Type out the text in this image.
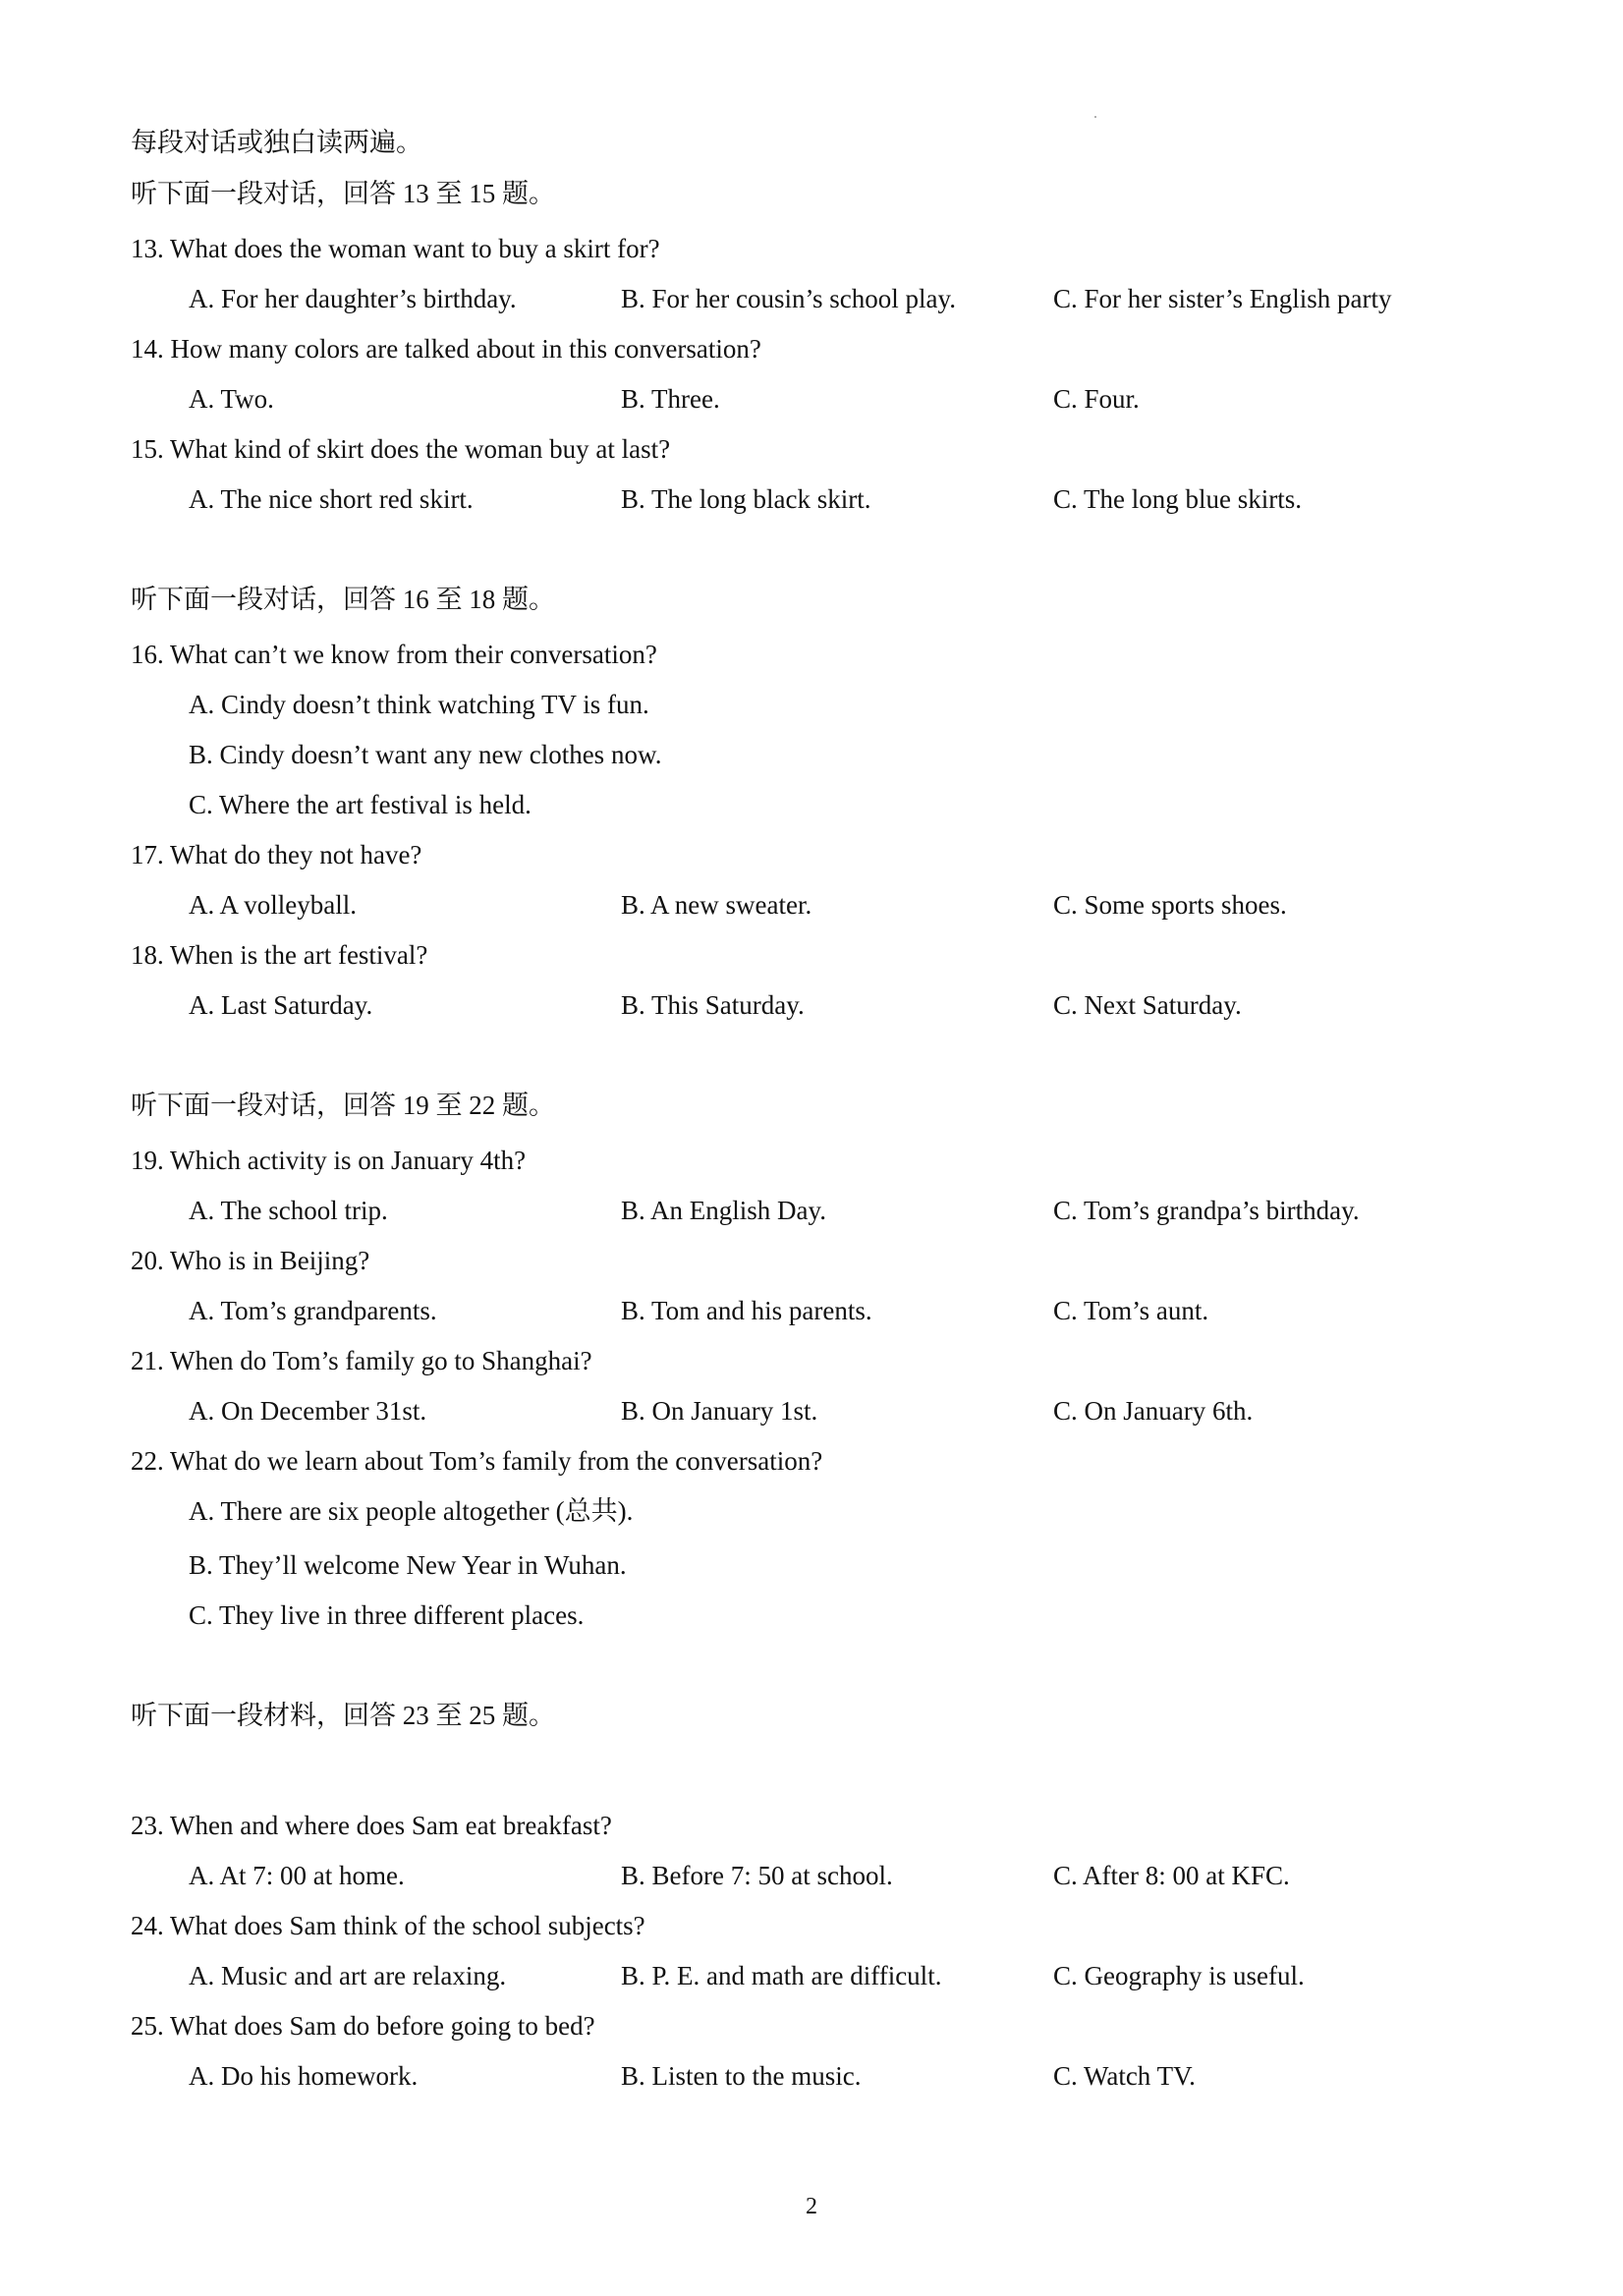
每段对话或独白读两遍。
听下面一段对话，回答 13 至 15 题。
13. What does the woman want to buy a skirt for?
A. For her daughter’s birthday.	B. For her cousin’s school play.	C. For her sister’s English party
14. How many colors are talked about in this conversation?
A. Two.	B. Three.	C. Four.
15. What kind of skirt does the woman buy at last?
A. The nice short red skirt.	B. The long black skirt.	C. The long blue skirts.
听下面一段对话，回答 16 至 18 题。
16. What can’t we know from their conversation?
A. Cindy doesn’t think watching TV is fun.
B. Cindy doesn’t want any new clothes now.
C. Where the art festival is held.
17. What do they not have?
A. A volleyball.	B. A new sweater.	C. Some sports shoes.
18. When is the art festival?
A. Last Saturday.	B. This Saturday.	C. Next Saturday.
听下面一段对话，回答 19 至 22 题。
19. Which activity is on January 4th?
A. The school trip.	B. An English Day.	C. Tom’s grandpa’s birthday.
20. Who is in Beijing?
A. Tom’s grandparents.	B. Tom and his parents.	C. Tom’s aunt.
21. When do Tom’s family go to Shanghai?
A. On December 31st.	B. On January 1st.	C. On January 6th.
22. What do we learn about Tom’s family from the conversation?
A. There are six people altogether (总共).
B. They’ll welcome New Year in Wuhan.
C. They live in three different places.
听下面一段材料，回答 23 至 25 题。
23. When and where does Sam eat breakfast?
A. At 7: 00 at home.	B. Before 7: 50 at school.	C. After 8: 00 at KFC.
24. What does Sam think of the school subjects?
A. Music and art are relaxing.	B. P. E. and math are difficult.	C. Geography is useful.
25. What does Sam do before going to bed?
A. Do his homework.	B. Listen to the music.	C. Watch TV.
2
